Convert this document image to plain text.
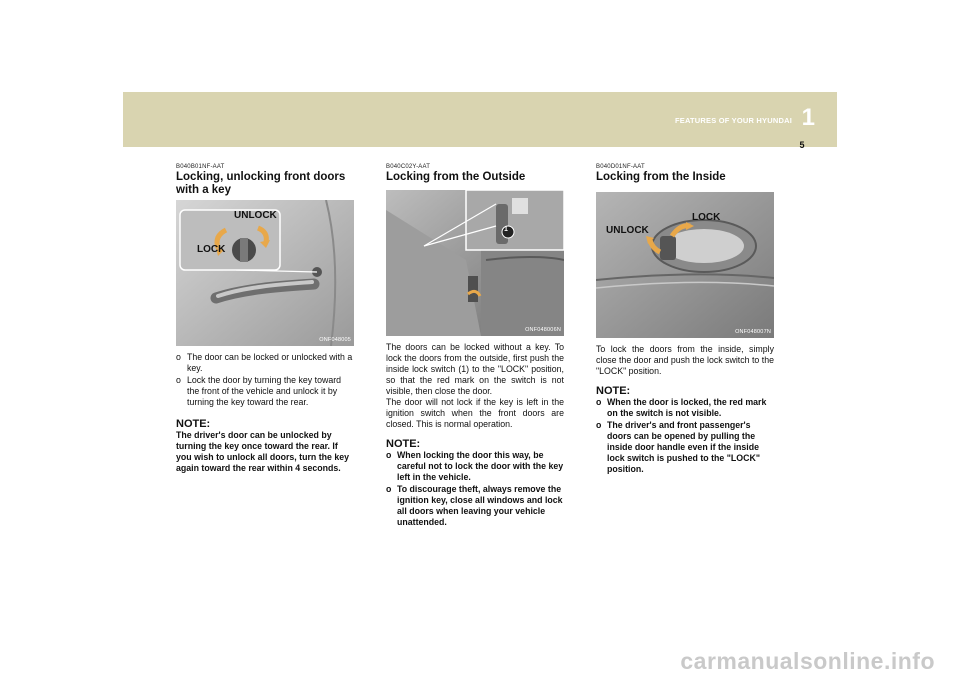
FEATURES OF YOUR HYUNDAI 1
5
B040B01NF-AAT
Locking, unlocking front doors with a key
UNLOCK
LOCK
ONF048005
o The door can be locked or unlocked with a key.
o Lock the door by turning the key toward the front of the vehicle and unlock it by turning the key toward the rear.
NOTE:

The driver's door can be unlocked by turning the key once toward the rear. If you wish to unlock all doors, turn the key again toward the rear within 4 seconds.

B040C02Y-AAT
Locking from the Outside
1
ONF048006N

The doors can be locked without a key. To lock the doors from the outside, first push the inside lock switch (1) to the "LOCK" position, so that the red mark on the switch is not visible, then close the door.

The door will not lock if the key is left in the ignition switch when the front doors are closed. This is normal operation.

NOTE:
o When locking the door this way, be careful not to lock the door with the key left in the vehicle.
o To discourage theft, always remove the ignition key, close all windows and lock all doors when leaving your vehicle unattended.
B040D01NF-AAT
Locking from the Inside
LOCK
UNLOCK
ONF048007N

To lock the doors from the inside, simply close the door and push the lock switch to the "LOCK" position.

NOTE:
o When the door is locked, the red mark on the switch is not visible.
o The driver's and front passenger's doors can be opened by pulling the inside door handle even if the inside lock switch is pushed to the "LOCK" position.
carmanualsonline.info
